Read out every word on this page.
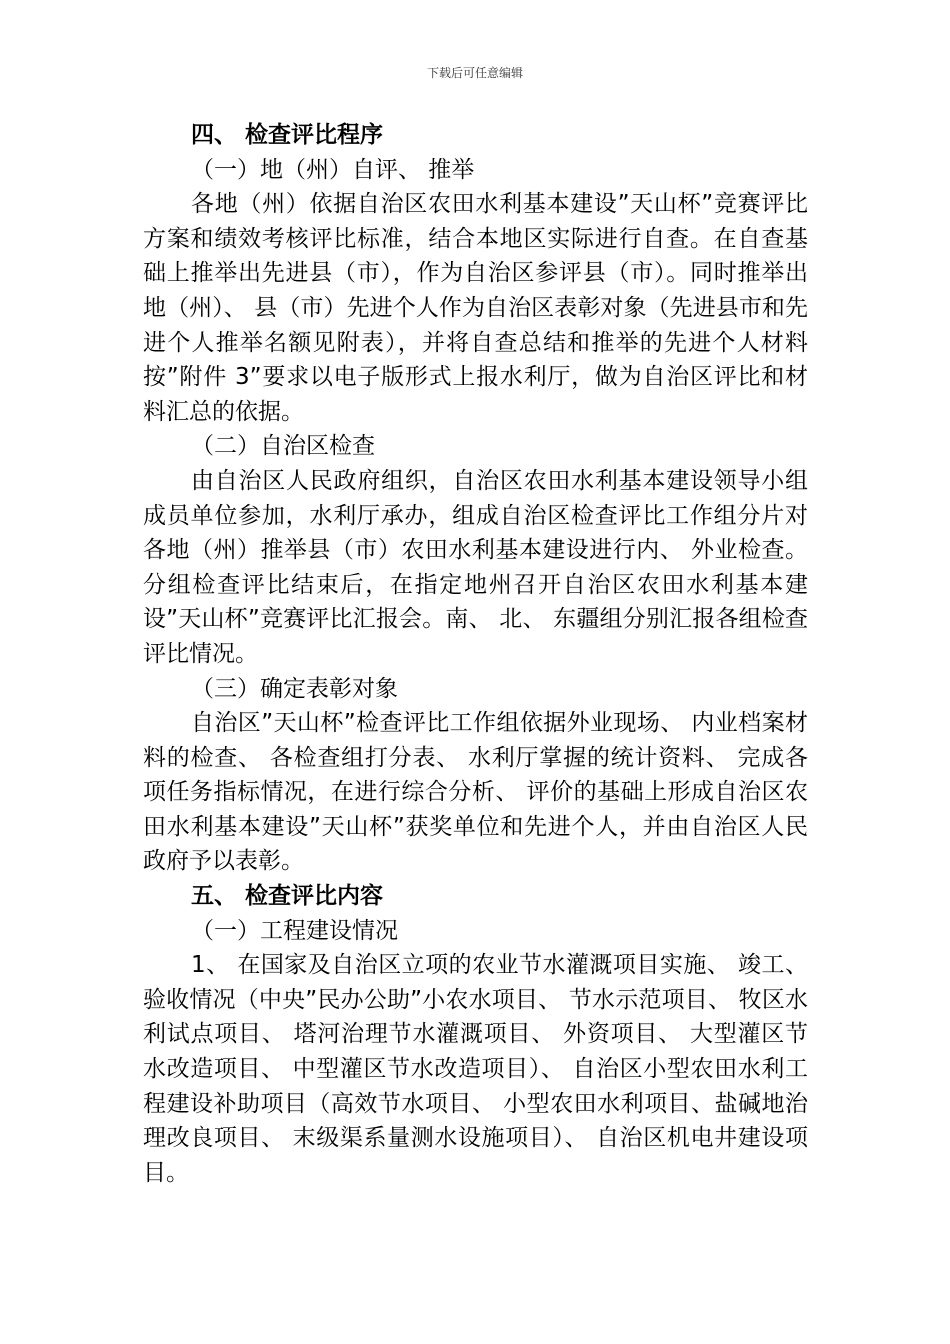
下载后可任意编辑

四、 检查评比程序

（一）地（州）自评、 推举

各地（州）依据自治区农田水利基本建设”天山杯”竞赛评比方案和绩效考核评比标准，结合本地区实际进行自查。在自查基础上推举出先进县（市），作为自治区参评县（市）。同时推举出地（州）、 县（市）先进个人作为自治区表彰对象（先进县市和先进个人推举名额见附表），并将自查总结和推举的先进个人材料按”附件 3”要求以电子版形式上报水利厅，做为自治区评比和材料汇总的依据。

（二）自治区检查

由自治区人民政府组织，自治区农田水利基本建设领导小组成员单位参加，水利厅承办，组成自治区检查评比工作组分片对各地（州）推举县（市）农田水利基本建设进行内、 外业检查。分组检查评比结束后，在指定地州召开自治区农田水利基本建设”天山杯”竞赛评比汇报会。南、 北、 东疆组分别汇报各组检查评比情况。

（三）确定表彰对象

自治区”天山杯”检查评比工作组依据外业现场、 内业档案材料的检查、 各检查组打分表、 水利厅掌握的统计资料、 完成各项任务指标情况，在进行综合分析、 评价的基础上形成自治区农田水利基本建设”天山杯”获奖单位和先进个人，并由自治区人民政府予以表彰。

五、 检查评比内容

（一）工程建设情况

1、 在国家及自治区立项的农业节水灌溉项目实施、 竣工、验收情况（中央”民办公助”小农水项目、 节水示范项目、 牧区水利试点项目、 塔河治理节水灌溉项目、 外资项目、 大型灌区节水改造项目、 中型灌区节水改造项目）、 自治区小型农田水利工程建设补助项目（高效节水项目、 小型农田水利项目、盐碱地治理改良项目、 末级渠系量测水设施项目）、 自治区机电井建设项目。
